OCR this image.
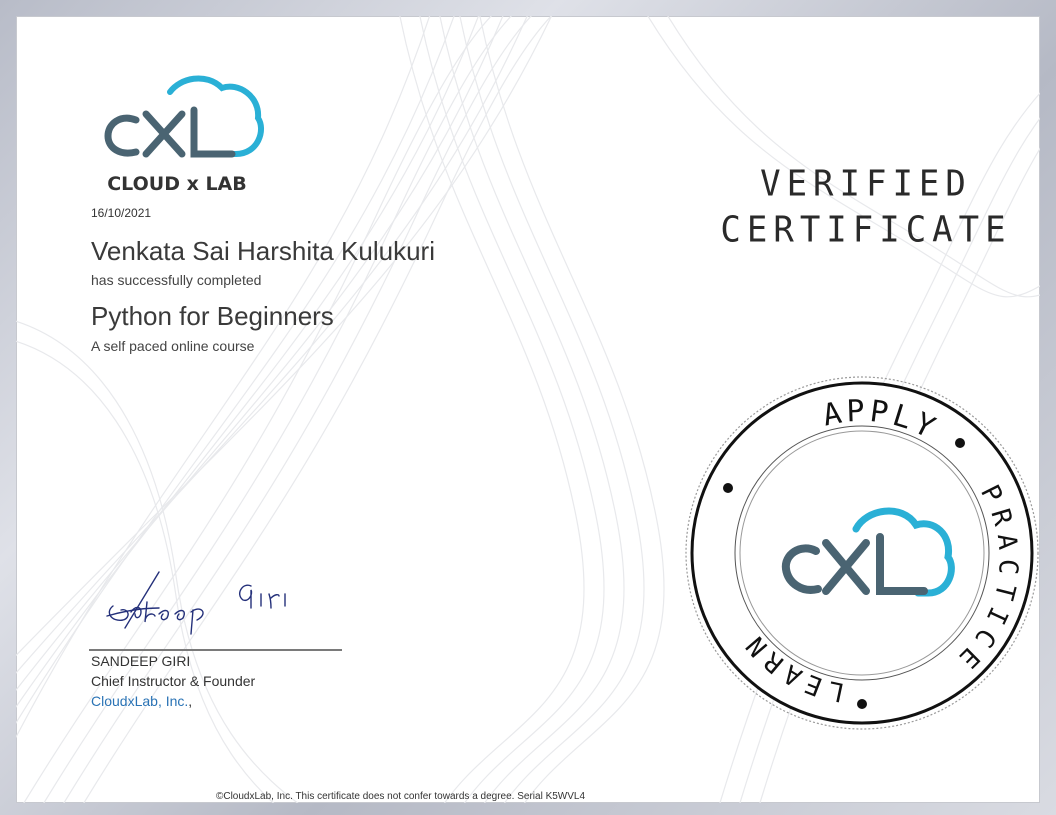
CLOUD x LAB
16/10/2021
Venkata Sai Harshita Kulukuri
has successfully completed
Python for Beginners
A self paced online course
VERIFIED
CERTIFICATE
SANDEEP GIRI
Chief Instructor & Founder
CloudxLab, Inc.,
APPLY
LEARN
PRACTICE
©CloudxLab, Inc. This certificate does not confer towards a degree. Serial K5WVL4
